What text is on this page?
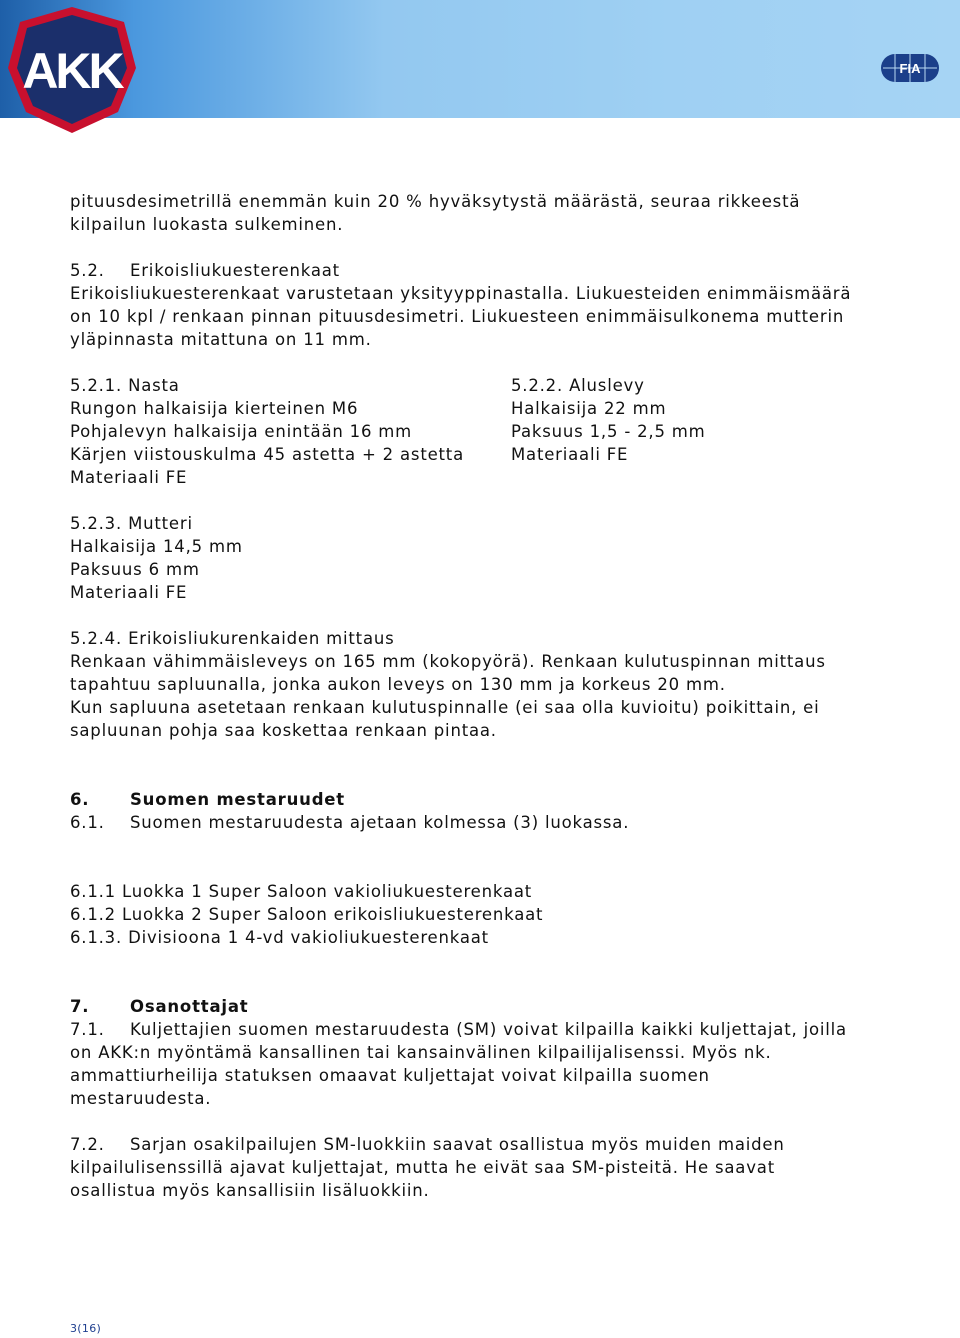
AKK	FIA
pituusdesimetrillä enemmän kuin 20 % hyväksytystä määrästä, seuraa rikkeestä
kilpailun luokasta sulkeminen.
5.2. Erikoisliukuesterenkaat
Erikoisliukuesterenkaat varustetaan yksityyppinastalla. Liukuesteiden enimmäismäärä
on 10 kpl / renkaan pinnan pituusdesimetri. Liukuesteen enimmäisulkonema mutterin
yläpinnasta mitattuna on 11 mm.
5.2.1. Nasta
Rungon halkaisija kierteinen M6
Pohjalevyn halkaisija enintään 16 mm
Kärjen viistouskulma 45 astetta + 2 astetta
Materiaali FE
5.2.2. Aluslevy
Halkaisija 22 mm
Paksuus 1,5 - 2,5 mm
Materiaali FE
5.2.3. Mutteri
Halkaisija 14,5 mm
Paksuus 6 mm
Materiaali FE
5.2.4. Erikoisliukurenkaiden mittaus
Renkaan vähimmäisleveys on 165 mm (kokopyörä). Renkaan kulutuspinnan mittaus
tapahtuu sapluunalla, jonka aukon leveys on 130 mm ja korkeus 20 mm.
Kun sapluuna asetetaan renkaan kulutuspinnalle (ei saa olla kuvioitu) poikittain, ei
sapluunan pohja saa koskettaa renkaan pintaa.
6. Suomen mestaruudet
6.1. Suomen mestaruudesta ajetaan kolmessa (3) luokassa.
6.1.1 Luokka 1 Super Saloon vakioliukuesterenkaat
6.1.2 Luokka 2 Super Saloon erikoisliukuesterenkaat
6.1.3. Divisioona 1 4-vd vakioliukuesterenkaat
7. Osanottajat
7.1. Kuljettajien suomen mestaruudesta (SM) voivat kilpailla kaikki kuljettajat, joilla
on AKK:n myöntämä kansallinen tai kansainvälinen kilpailijalisenssi. Myös nk.
ammattiurheilija statuksen omaavat kuljettajat voivat kilpailla suomen
mestaruudesta.
7.2. Sarjan osakilpailujen SM-luokkiin saavat osallistua myös muiden maiden
kilpailulisenssillä ajavat kuljettajat, mutta he eivät saa SM-pisteitä. He saavat
osallistua myös kansallisiin lisäluokkiin.
3(16)
